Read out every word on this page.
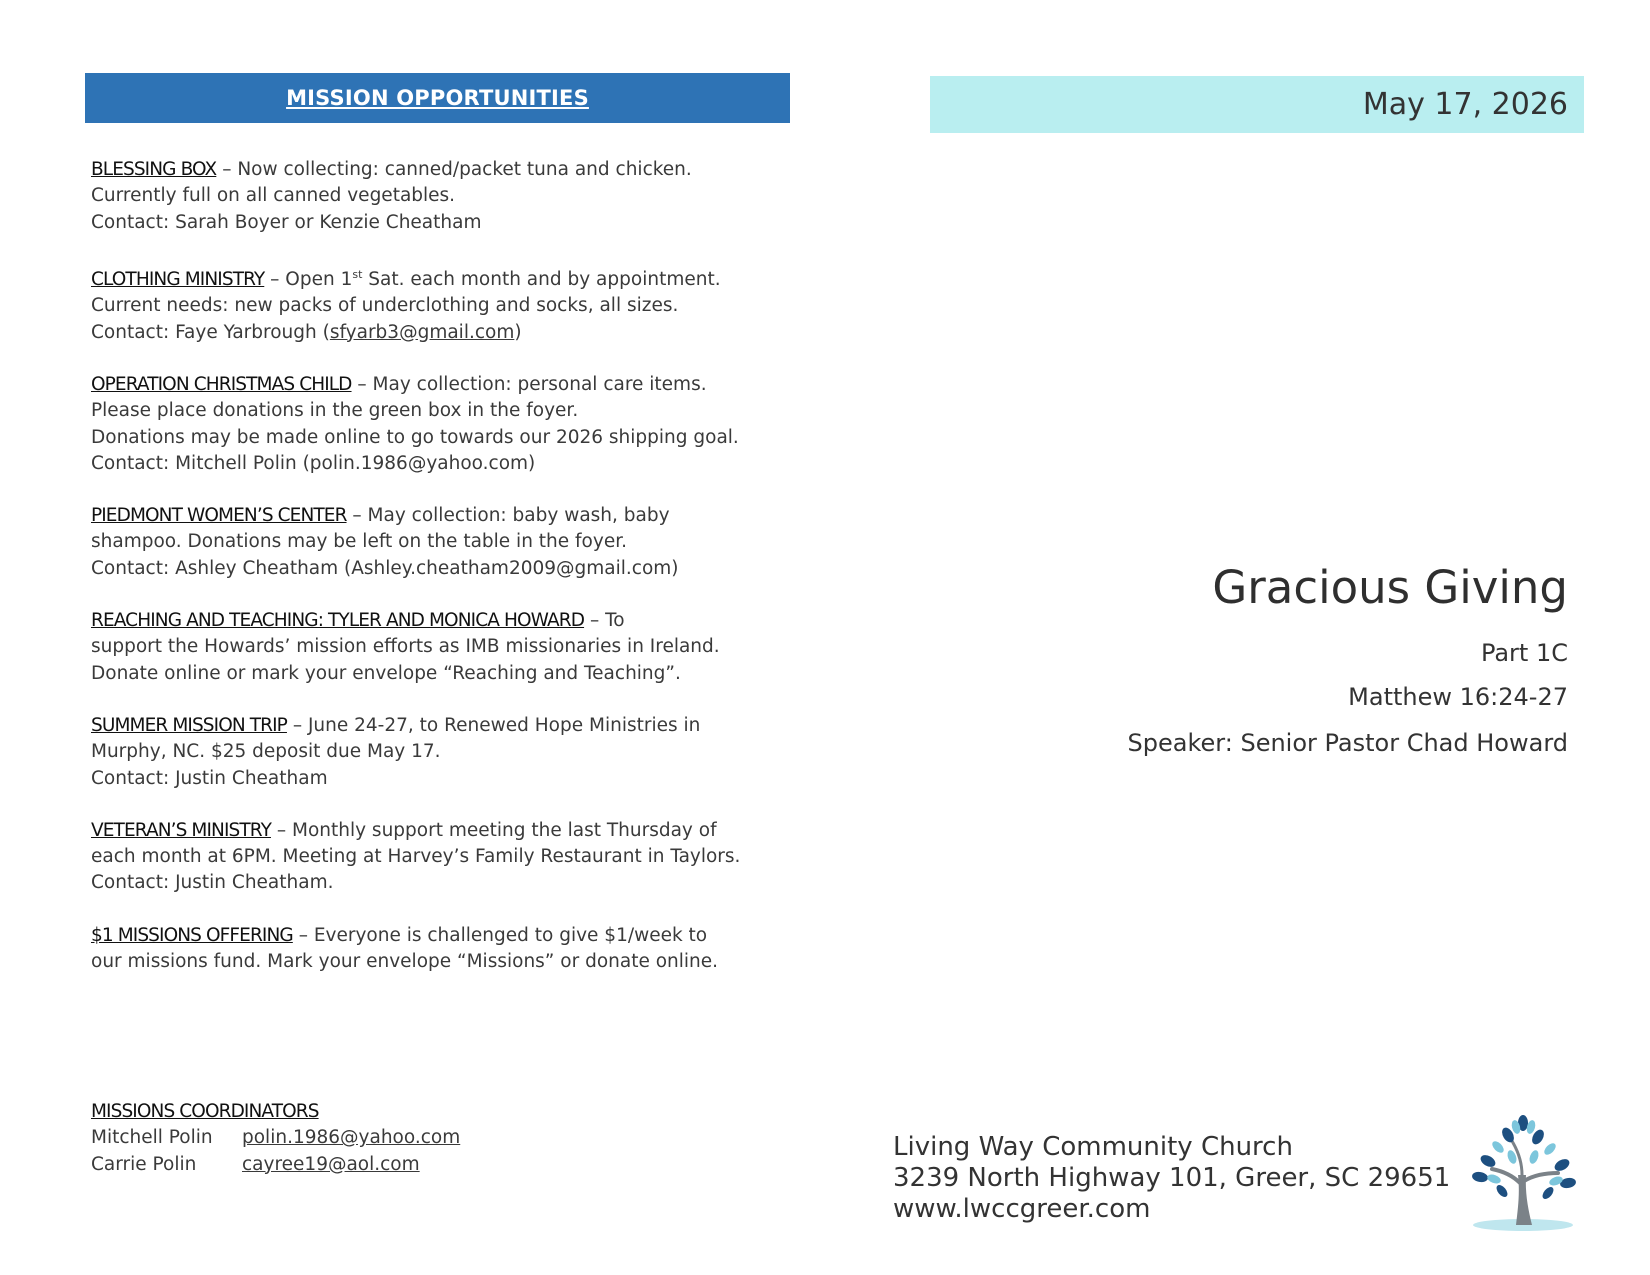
MISSION OPPORTUNITIES
BLESSING BOX – Now collecting: canned/packet tuna and chicken.
Currently full on all canned vegetables.
Contact: Sarah Boyer or Kenzie Cheatham
CLOTHING MINISTRY – Open 1st Sat. each month and by appointment.
Current needs: new packs of underclothing and socks, all sizes.
Contact: Faye Yarbrough (sfyarb3@gmail.com)
OPERATION CHRISTMAS CHILD – May collection: personal care items.
Please place donations in the green box in the foyer.
Donations may be made online to go towards our 2026 shipping goal.
Contact: Mitchell Polin (polin.1986@yahoo.com)
PIEDMONT WOMEN’S CENTER – May collection: baby wash, baby
shampoo. Donations may be left on the table in the foyer.
Contact: Ashley Cheatham (Ashley.cheatham2009@gmail.com)
REACHING AND TEACHING: TYLER AND MONICA HOWARD – To
support the Howards’ mission efforts as IMB missionaries in Ireland.
Donate online or mark your envelope “Reaching and Teaching”.
SUMMER MISSION TRIP – June 24-27, to Renewed Hope Ministries in
Murphy, NC. $25 deposit due May 17.
Contact: Justin Cheatham
VETERAN’S MINISTRY – Monthly support meeting the last Thursday of
each month at 6PM. Meeting at Harvey’s Family Restaurant in Taylors.
Contact: Justin Cheatham.
$1 MISSIONS OFFERING – Everyone is challenged to give $1/week to
our missions fund. Mark your envelope “Missions” or donate online.
MISSIONS COORDINATORS
Mitchell Polin polin.1986@yahoo.com
Carrie Polin cayree19@aol.com
May 17, 2026
Gracious Giving
Part 1C
Matthew 16:24-27
Speaker: Senior Pastor Chad Howard
Living Way Community Church
3239 North Highway 101, Greer, SC 29651
www.lwccgreer.com
